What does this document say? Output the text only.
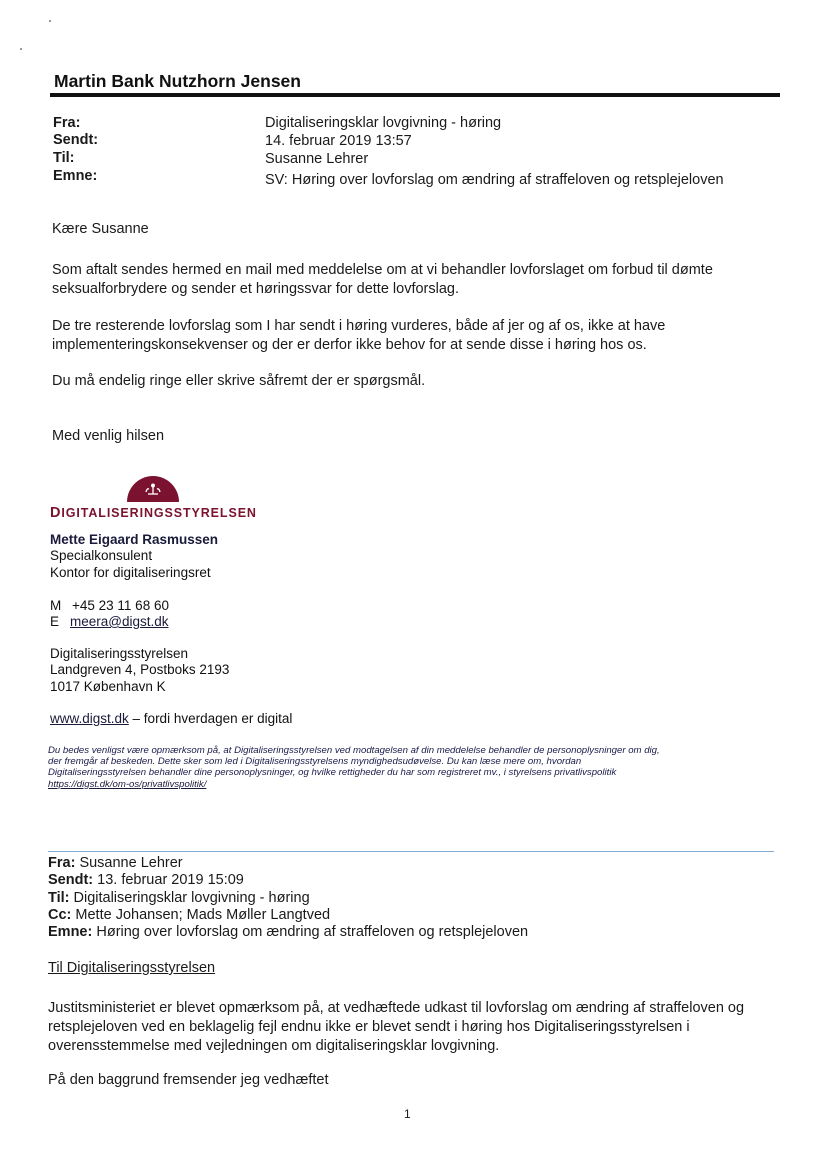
Martin Bank Nutzhorn Jensen
Fra:	Digitaliseringsklar lovgivning - høring
Sendt:	14. februar 2019 13:57
Til:	Susanne Lehrer
Emne:	SV: Høring over lovforslag om ændring af straffeloven og retsplejeloven
Kære Susanne
Som aftalt sendes hermed en mail med meddelelse om at vi behandler lovforslaget om forbud til dømte
seksualforbrydere og sender et høringssvar for dette lovforslag.
De tre resterende lovforslag som I har sendt i høring vurderes, både af jer og af os, ikke at have
implementeringskonsekvenser og der er derfor ikke behov for at sende disse i høring hos os.
Du må endelig ringe eller skrive såfremt der er spørgsmål.
Med venlig hilsen
DIGITALISERINGSSTYRELSEN
Mette Eigaard Rasmussen
Specialkonsulent
Kontor for digitaliseringsret
M +45 23 11 68 60
E meera@digst.dk
Digitaliseringsstyrelsen
Landgreven 4, Postboks 2193
1017 København K
www.digst.dk – fordi hverdagen er digital
Du bedes venligst være opmærksom på, at Digitaliseringsstyrelsen ved modtagelsen af din meddelelse behandler de personoplysninger om dig,
der fremgår af beskeden. Dette sker som led i Digitaliseringsstyrelsens myndighedsudøvelse. Du kan læse mere om, hvordan
Digitaliseringsstyrelsen behandler dine personoplysninger, og hvilke rettigheder du har som registreret mv., i styrelsens privatlivspolitik
https://digst.dk/om-os/privatlivspolitik/
Fra: Susanne Lehrer
Sendt: 13. februar 2019 15:09
Til: Digitaliseringsklar lovgivning - høring
Cc: Mette Johansen; Mads Møller Langtved
Emne: Høring over lovforslag om ændring af straffeloven og retsplejeloven
Til Digitaliseringsstyrelsen
Justitsministeriet er blevet opmærksom på, at vedhæftede udkast til lovforslag om ændring af straffeloven og
retsplejeloven ved en beklagelig fejl endnu ikke er blevet sendt i høring hos Digitaliseringsstyrelsen i
overensstemmelse med vejledningen om digitaliseringsklar lovgivning.
På den baggrund fremsender jeg vedhæftet
1
